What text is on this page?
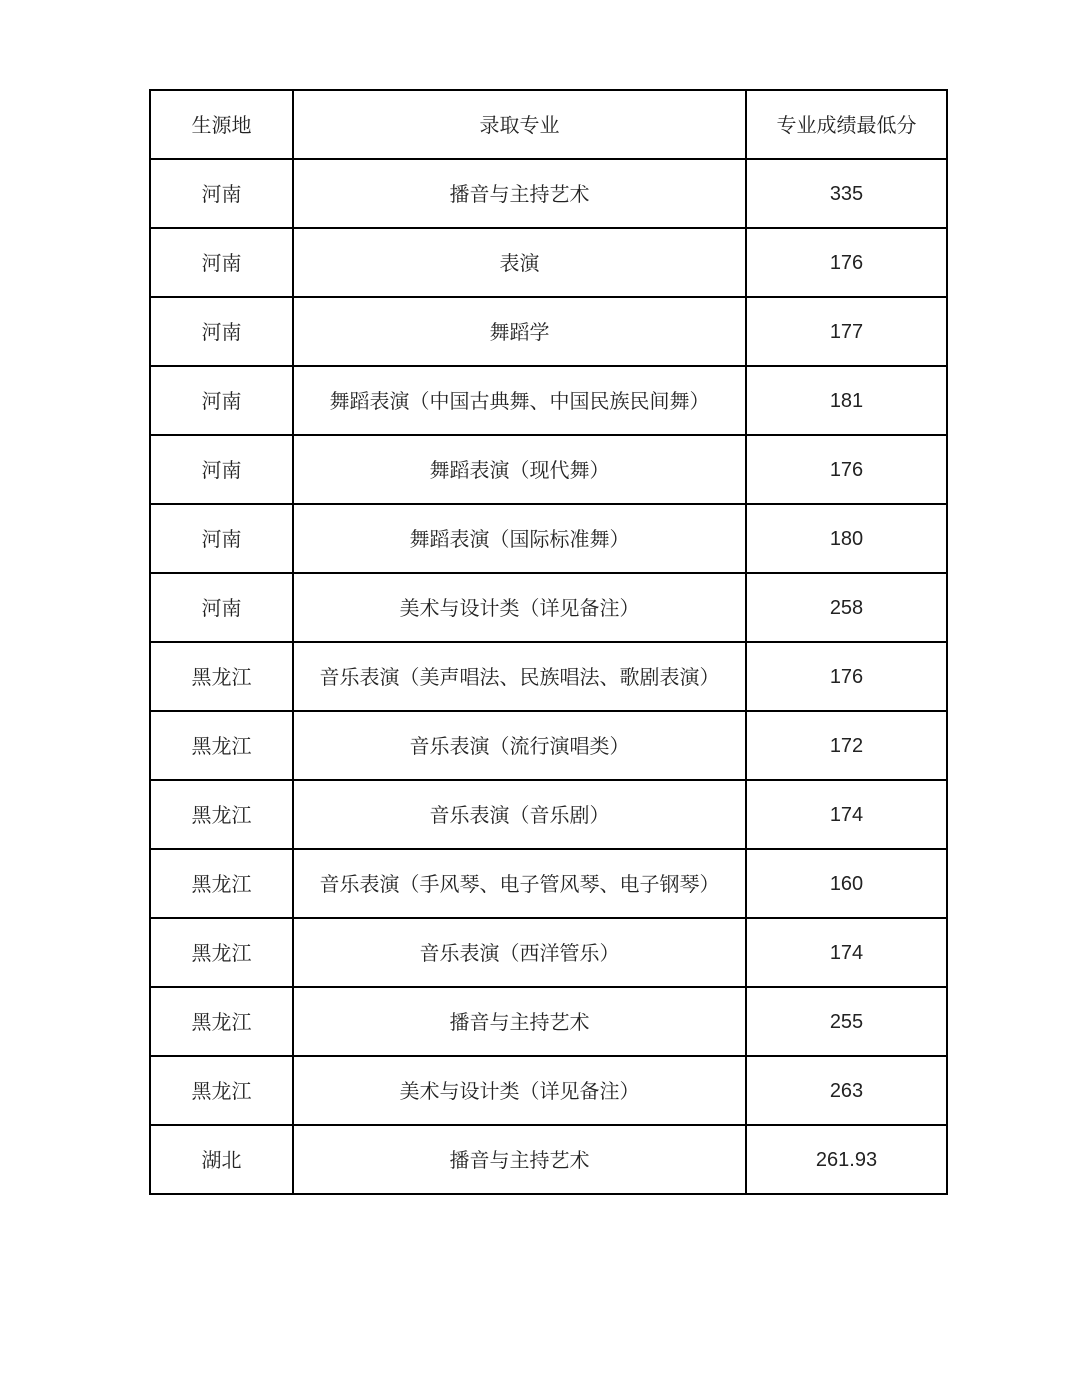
生源地	录取专业	专业成绩最低分
河南	播音与主持艺术	335
河南	表演	176
河南	舞蹈学	177
河南	舞蹈表演（中国古典舞、中国民族民间舞）	181
河南	舞蹈表演（现代舞）	176
河南	舞蹈表演（国际标准舞）	180
河南	美术与设计类（详见备注）	258
黑龙江	音乐表演（美声唱法、民族唱法、歌剧表演）	176
黑龙江	音乐表演（流行演唱类）	172
黑龙江	音乐表演（音乐剧）	174
黑龙江	音乐表演（手风琴、电子管风琴、电子钢琴）	160
黑龙江	音乐表演（西洋管乐）	174
黑龙江	播音与主持艺术	255
黑龙江	美术与设计类（详见备注）	263
湖北	播音与主持艺术	261.93
